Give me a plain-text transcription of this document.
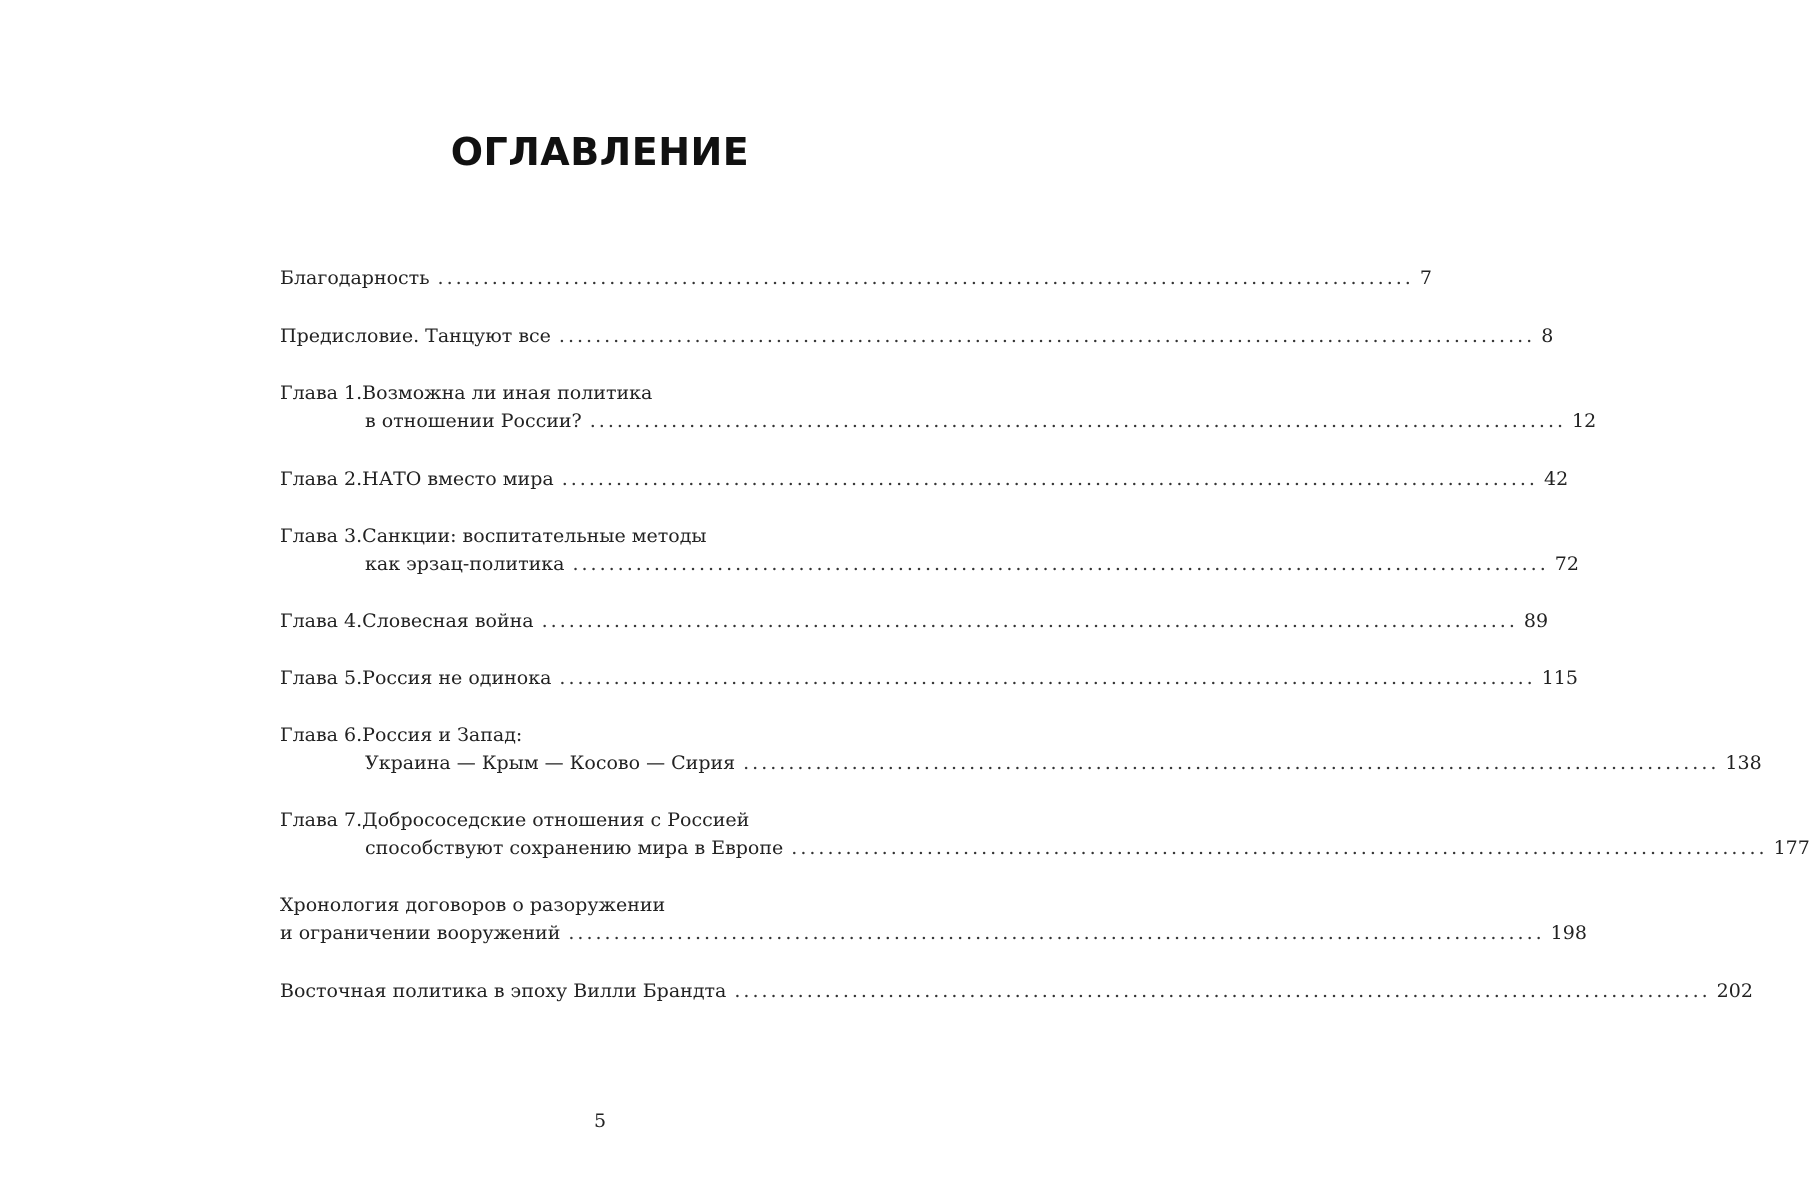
ОГЛАВЛЕНИЕ
Благодарность ............................................................................................................ 7
Предисловие. Танцуют все ............................................................................................................ 8
Глава 1. Возможна ли иная политика
в отношении России? ............................................................................................................ 12
Глава 2. НАТО вместо мира ............................................................................................................ 42
Глава 3. Санкции: воспитательные методы
как эрзац-политика ............................................................................................................ 72
Глава 4. Словесная война ............................................................................................................ 89
Глава 5. Россия не одинока ............................................................................................................ 115
Глава 6. Россия и Запад:
Украина — Крым — Косово — Сирия ............................................................................................................ 138
Глава 7. Добрососедские отношения с Россией
способствуют сохранению мира в Европе ............................................................................................................ 177
Хронология договоров о разоружении
и ограничении вооружений ............................................................................................................ 198
Восточная политика в эпоху Вилли Брандта ............................................................................................................ 202
5
